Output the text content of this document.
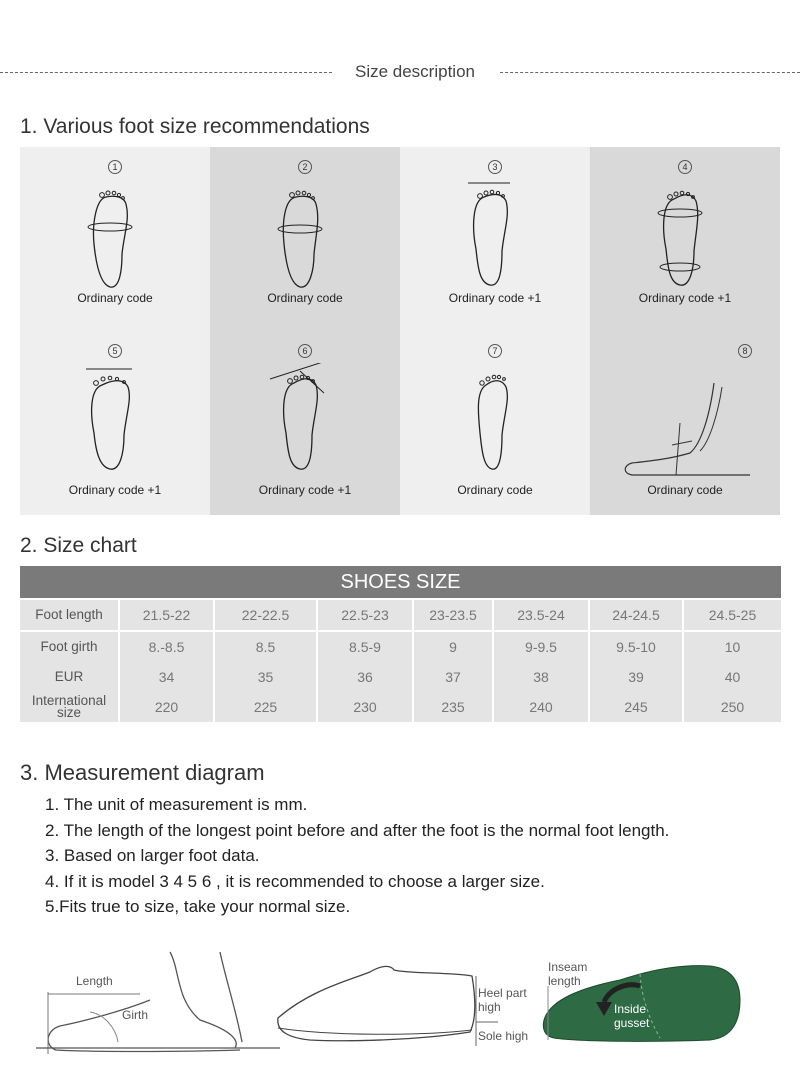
Size description
1. Various foot size recommendations
1
Ordinary code
2
Ordinary code
3
Ordinary code +1
4
Ordinary code +1
5
Ordinary code +1
6
Ordinary code +1
7
Ordinary code
8
Ordinary code
2. Size chart
SHOES SIZE
Foot length	21.5-22	22-22.5	22.5-23	23-23.5	23.5-24	24-24.5	24.5-25
Foot girth	8.-8.5	8.5	8.5-9	9	9-9.5	9.5-10	10
EUR	34	35	36	37	38	39	40
International
size	220	225	230	235	240	245	250
3. Measurement diagram
1. The unit of measurement is mm.
2. The length of the longest point before and after the foot is the normal foot length.
3. Based on larger foot data.
4. If it is model 3 4 5 6 , it is recommended to choose a larger size.
5.Fits true to size, take your normal size.
Length
Girth
Heel part
high
Sole high
Inseam
length
Inside
gusset
